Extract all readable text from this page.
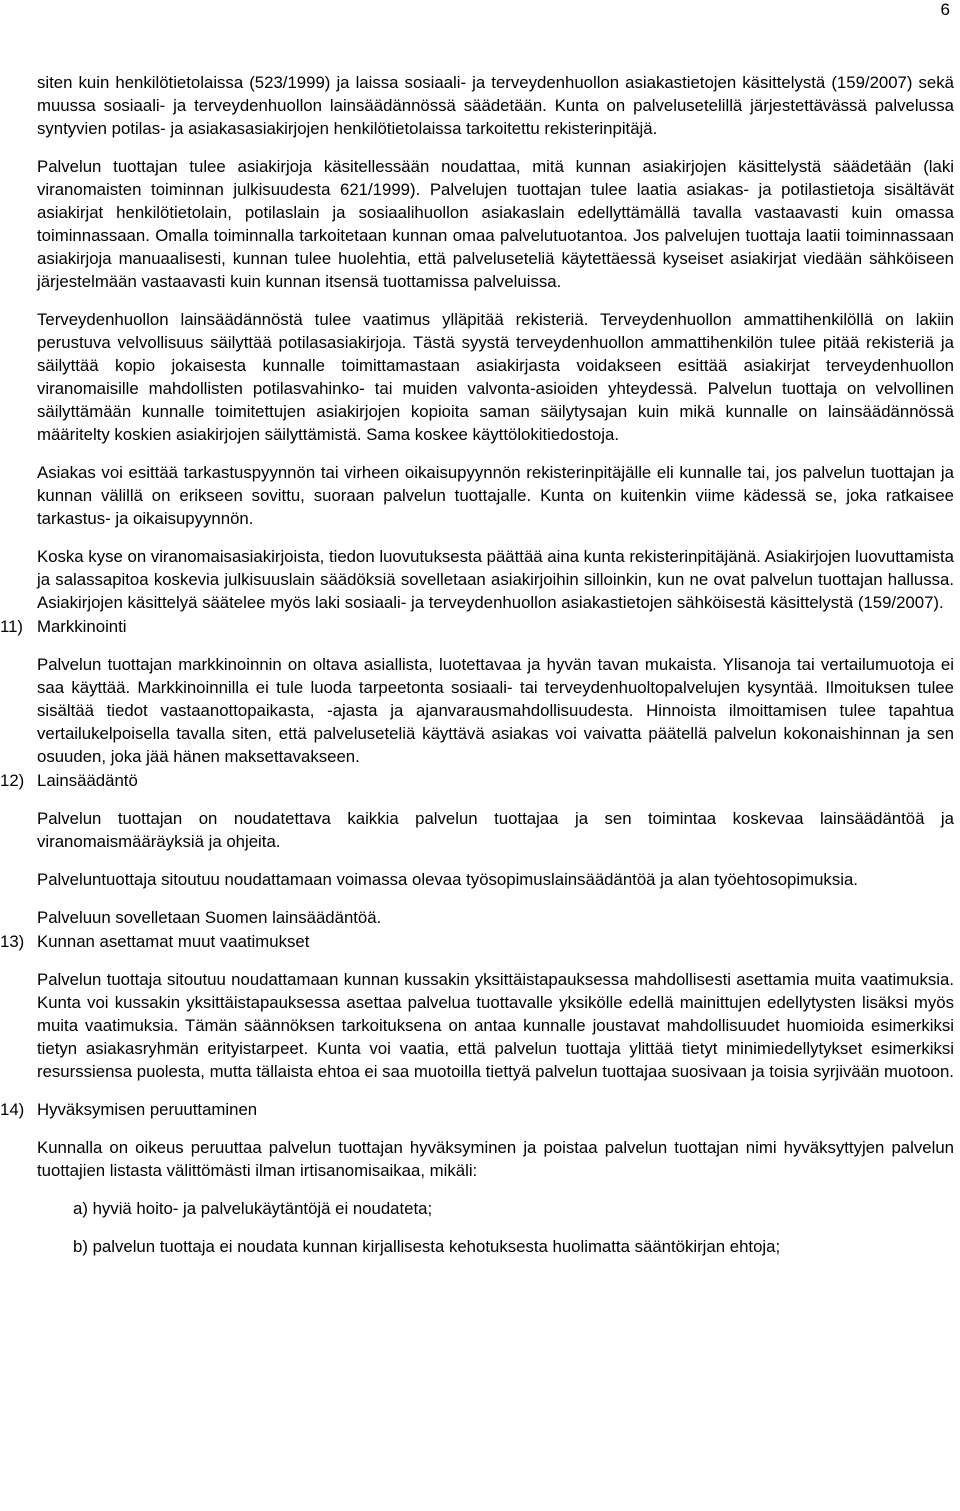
6

siten kuin henkilötietolaissa (523/1999) ja laissa sosiaali- ja terveydenhuollon asiakastietojen käsittelystä (159/2007) sekä muussa sosiaali- ja terveydenhuollon lainsäädännössä säädetään. Kunta on palvelusetelillä järjestettävässä palvelussa syntyvien potilas- ja asiakasasiakirjojen henkilötietolaissa tarkoitettu rekisterinpitäjä.

Palvelun tuottajan tulee asiakirjoja käsitellessään noudattaa, mitä kunnan asiakirjojen käsittelystä säädetään (laki viranomaisten toiminnan julkisuudesta 621/1999). Palvelujen tuottajan tulee laatia asiakas- ja potilastietoja sisältävät asiakirjat henkilötietolain, potilaslain ja sosiaalihuollon asiakaslain edellyttämällä tavalla vastaavasti kuin omassa toiminnassaan. Omalla toiminnalla tarkoitetaan kunnan omaa palvelutuotantoa. Jos palvelujen tuottaja laatii toiminnassaan asiakirjoja manuaalisesti, kunnan tulee huolehtia, että palveluseteliä käytettäessä kyseiset asiakirjat viedään sähköiseen järjestelmään vastaavasti kuin kunnan itsensä tuottamissa palveluissa.

Terveydenhuollon lainsäädännöstä tulee vaatimus ylläpitää rekisteriä. Terveydenhuollon ammattihenkilöllä on lakiin perustuva velvollisuus säilyttää potilasasiakirjoja. Tästä syystä terveydenhuollon ammattihenkilön tulee pitää rekisteriä ja säilyttää kopio jokaisesta kunnalle toimittamastaan asiakirjasta voidakseen esittää asiakirjat terveydenhuollon viranomaisille mahdollisten potilasvahinko- tai muiden valvonta-asioiden yhteydessä. Palvelun tuottaja on velvollinen säilyttämään kunnalle toimitettujen asiakirjojen kopioita saman säilytysajan kuin mikä kunnalle on lainsäädännössä määritelty koskien asiakirjojen säilyttämistä. Sama koskee käyttölokitiedostoja.

Asiakas voi esittää tarkastuspyynnön tai virheen oikaisupyynnön rekisterinpitäjälle eli kunnalle tai, jos palvelun tuottajan ja kunnan välillä on erikseen sovittu, suoraan palvelun tuottajalle. Kunta on kuitenkin viime kädessä se, joka ratkaisee tarkastus- ja oikaisupyynnön.

Koska kyse on viranomaisasiakirjoista, tiedon luovutuksesta päättää aina kunta rekisterinpitäjänä. Asiakirjojen luovuttamista ja salassapitoa koskevia julkisuuslain säädöksiä sovelletaan asiakirjoihin silloinkin, kun ne ovat palvelun tuottajan hallussa. Asiakirjojen käsittelyä säätelee myös laki sosiaali- ja terveydenhuollon asiakastietojen sähköisestä käsittelystä (159/2007).

11) Markkinointi

Palvelun tuottajan markkinoinnin on oltava asiallista, luotettavaa ja hyvän tavan mukaista. Ylisanoja tai vertailumuotoja ei saa käyttää. Markkinoinnilla ei tule luoda tarpeetonta sosiaali- tai terveydenhuoltopalvelujen kysyntää. Ilmoituksen tulee sisältää tiedot vastaanottopaikasta, -ajasta ja ajanvarausmahdollisuudesta. Hinnoista ilmoittamisen tulee tapahtua vertailukelpoisella tavalla siten, että palveluseteliä käyttävä asiakas voi vaivatta päätellä palvelun kokonaishinnan ja sen osuuden, joka jää hänen maksettavakseen.

12) Lainsäädäntö

Palvelun tuottajan on noudatettava kaikkia palvelun tuottajaa ja sen toimintaa koskevaa lainsäädäntöä ja viranomaismääräyksiä ja ohjeita.

Palveluntuottaja sitoutuu noudattamaan voimassa olevaa työsopimuslainsäädäntöä ja alan työehtosopimuksia.

Palveluun sovelletaan Suomen lainsäädäntöä.

13) Kunnan asettamat muut vaatimukset

Palvelun tuottaja sitoutuu noudattamaan kunnan kussakin yksittäistapauksessa mahdollisesti asettamia muita vaatimuksia. Kunta voi kussakin yksittäistapauksessa asettaa palvelua tuottavalle yksikölle edellä mainittujen edellytysten lisäksi myös muita vaatimuksia. Tämän säännöksen tarkoituksena on antaa kunnalle joustavat mahdollisuudet huomioida esimerkiksi tietyn asiakasryhmän erityistarpeet. Kunta voi vaatia, että palvelun tuottaja ylittää tietyt minimiedellytykset esimerkiksi resurssiensa puolesta, mutta tällaista ehtoa ei saa muotoilla tiettyä palvelun tuottajaa suosivaan ja toisia syrjivään muotoon.

14) Hyväksymisen peruuttaminen

Kunnalla on oikeus peruuttaa palvelun tuottajan hyväksyminen ja poistaa palvelun tuottajan nimi hyväksyttyjen palvelun tuottajien listasta välittömästi ilman irtisanomisaikaa, mikäli:

a) hyviä hoito- ja palvelukäytäntöjä ei noudateta;
b) palvelun tuottaja ei noudata kunnan kirjallisesta kehotuksesta huolimatta sääntökirjan ehtoja;
